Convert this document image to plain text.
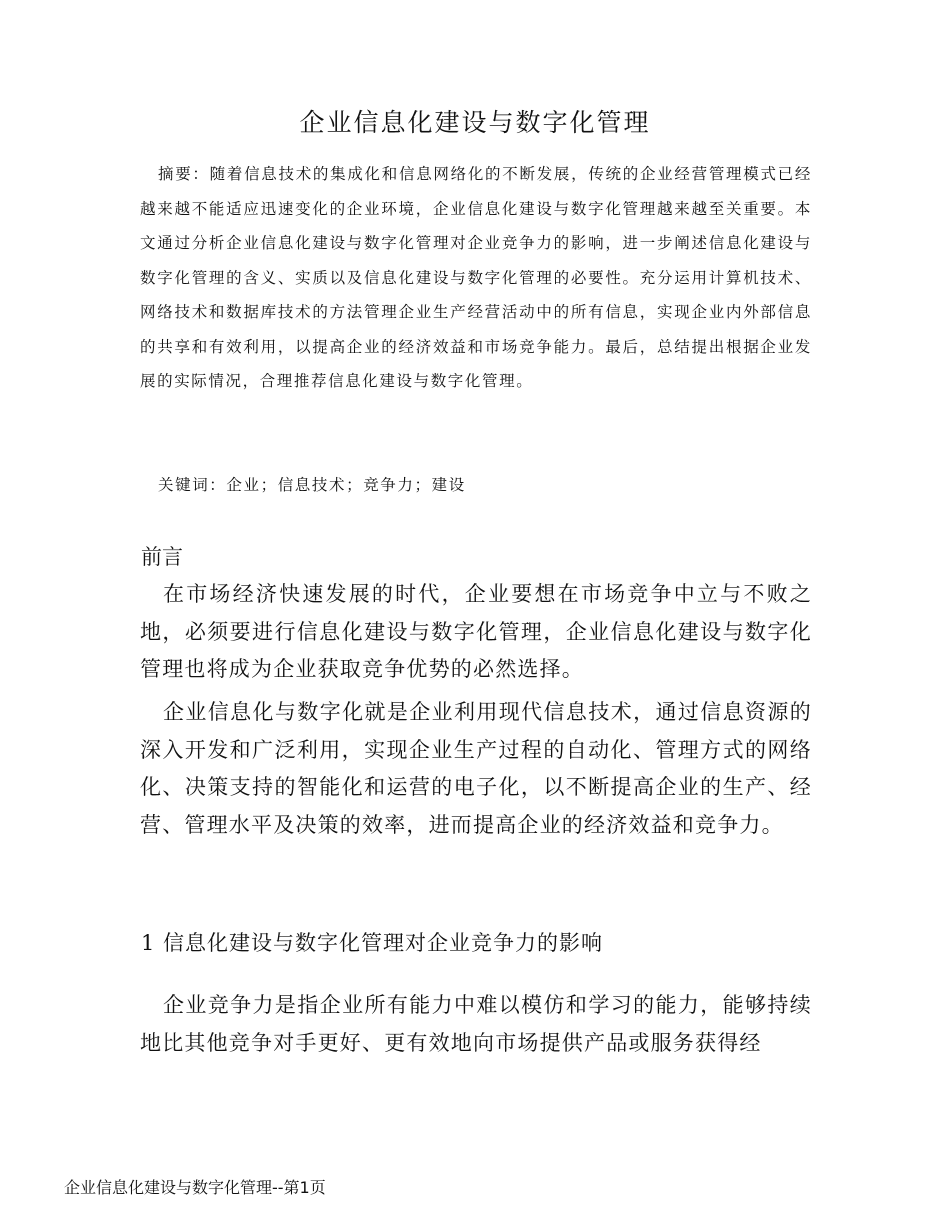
企业信息化建设与数字化管理

摘要：随着信息技术的集成化和信息网络化的不断发展，传统的企业经营管理模式已经越来越不能适应迅速变化的企业环境，企业信息化建设与数字化管理越来越至关重要。本文通过分析企业信息化建设与数字化管理对企业竞争力的影响，进一步阐述信息化建设与数字化管理的含义、实质以及信息化建设与数字化管理的必要性。充分运用计算机技术、网络技术和数据库技术的方法管理企业生产经营活动中的所有信息，实现企业内外部信息的共享和有效利用，以提高企业的经济效益和市场竞争能力。最后，总结提出根据企业发展的实际情况，合理推荐信息化建设与数字化管理。

关键词：企业；信息技术；竞争力；建设
前言

在市场经济快速发展的时代，企业要想在市场竞争中立与不败之地，必须要进行信息化建设与数字化管理，企业信息化建设与数字化管理也将成为企业获取竞争优势的必然选择。

企业信息化与数字化就是企业利用现代信息技术，通过信息资源的深入开发和广泛利用，实现企业生产过程的自动化、管理方式的网络化、决策支持的智能化和运营的电子化，以不断提高企业的生产、经营、管理水平及决策的效率，进而提高企业的经济效益和竞争力。

1 信息化建设与数字化管理对企业竞争力的影响

企业竞争力是指企业所有能力中难以模仿和学习的能力，能够持续地比其他竞争对手更好、更有效地向市场提供产品或服务获得经

企业信息化建设与数字化管理--第1页
